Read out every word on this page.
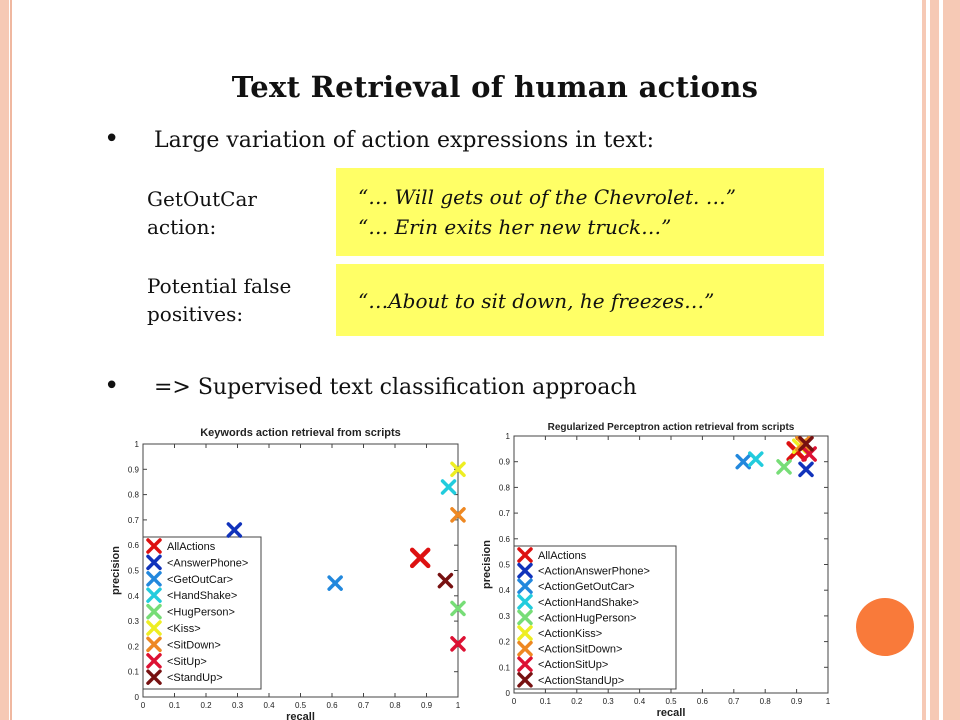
Text Retrieval of human actions
• Large variation of action expressions in text:
GetOutCar
action:
“… Will gets out of the Chevrolet. …”
“… Erin exits her new truck…”
Potential false
positives:
“…About to sit down, he freezes…”
• => Supervised text classification approach
Keywords action retrieval from scripts
0	0.1	0.2	0.3	0.4	0.5	0.6	0.7	0.8	0.9	1
0
0.1
0.2
0.3
0.4
0.5
0.6
0.7
0.8
0.9
1
recall
precision	AllActions
<AnswerPhone>
<GetOutCar>
<HandShake>
<HugPerson>
<Kiss>
<SitDown>
<SitUp>
<StandUp>
Regularized Perceptron action retrieval from scripts
0	0.1	0.2	0.3	0.4	0.5	0.6	0.7	0.8	0.9	1
0
0.1
0.2
0.3
0.4
0.5
0.6
0.7
0.8
0.9
1
recall
precision	AllActions
<ActionAnswerPhone>
<ActionGetOutCar>
<ActionHandShake>
<ActionHugPerson>
<ActionKiss>
<ActionSitDown>
<ActionSitUp>
<ActionStandUp>
